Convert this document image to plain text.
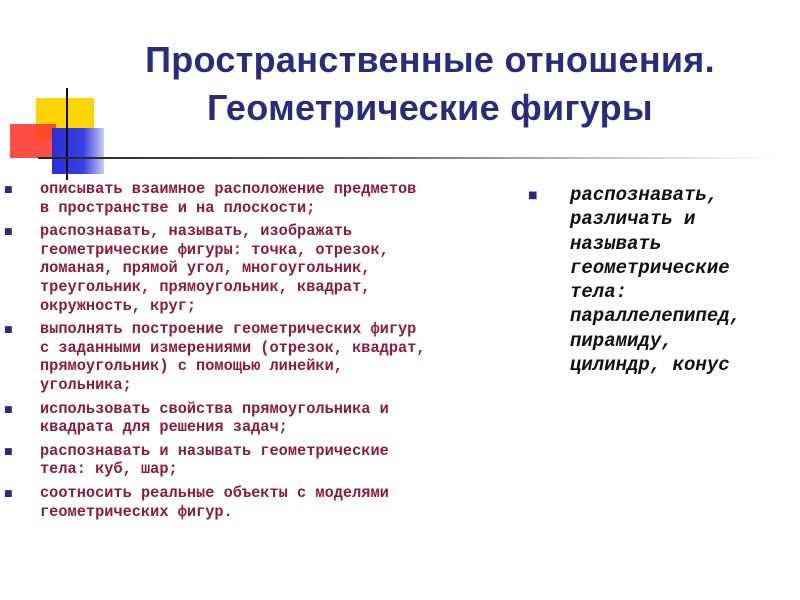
Пространственные отношения.
Геометрические фигуры
■ описывать взаимное расположение предметов
в пространстве и на плоскости;
■ распознавать, называть, изображать
геометрические фигуры: точка, отрезок,
ломаная, прямой угол, многоугольник,
треугольник, прямоугольник, квадрат,
окружность, круг;
■ выполнять построение геометрических фигур
с заданными измерениями (отрезок, квадрат,
прямоугольник) с помощью линейки,
угольника;
■ использовать свойства прямоугольника и
квадрата для решения задач;
■ распознавать и называть геометрические
тела: куб, шар;
■ соотносить реальные объекты с моделями
геометрических фигур.
■ распознавать,
различать и
называть
геометрические
тела:
параллелепипед,
пирамиду,
цилиндр, конус
